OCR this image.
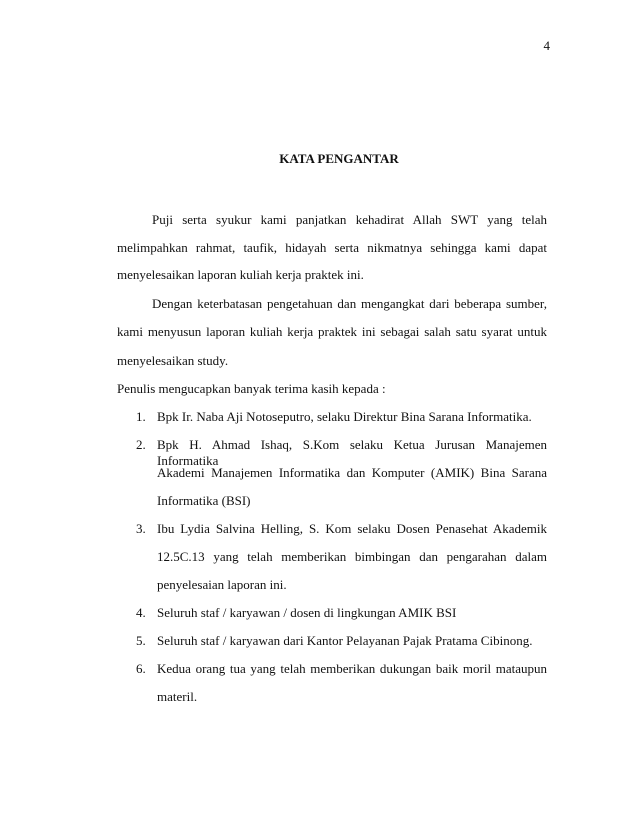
4
KATA PENGANTAR
Puji serta syukur kami panjatkan kehadirat Allah SWT yang telah
melimpahkan rahmat, taufik, hidayah serta nikmatnya sehingga kami dapat
menyelesaikan laporan kuliah kerja praktek ini.
Dengan keterbatasan pengetahuan dan mengangkat dari beberapa sumber,
kami menyusun laporan kuliah kerja praktek ini sebagai salah satu syarat untuk
menyelesaikan study.
Penulis mengucapkan banyak terima kasih kepada :
1. Bpk Ir. Naba Aji Notoseputro, selaku Direktur Bina Sarana Informatika.
2. Bpk H. Ahmad Ishaq, S.Kom selaku Ketua Jurusan Manajemen Informatika
Akademi Manajemen Informatika dan Komputer (AMIK) Bina Sarana
Informatika (BSI)
3. Ibu Lydia Salvina Helling, S. Kom selaku Dosen Penasehat Akademik
12.5C.13 yang telah memberikan bimbingan dan pengarahan dalam
penyelesaian laporan ini.
4. Seluruh staf / karyawan / dosen di lingkungan AMIK BSI
5. Seluruh staf / karyawan dari Kantor Pelayanan Pajak Pratama Cibinong.
6. Kedua orang tua yang telah memberikan dukungan baik moril mataupun
materil.
